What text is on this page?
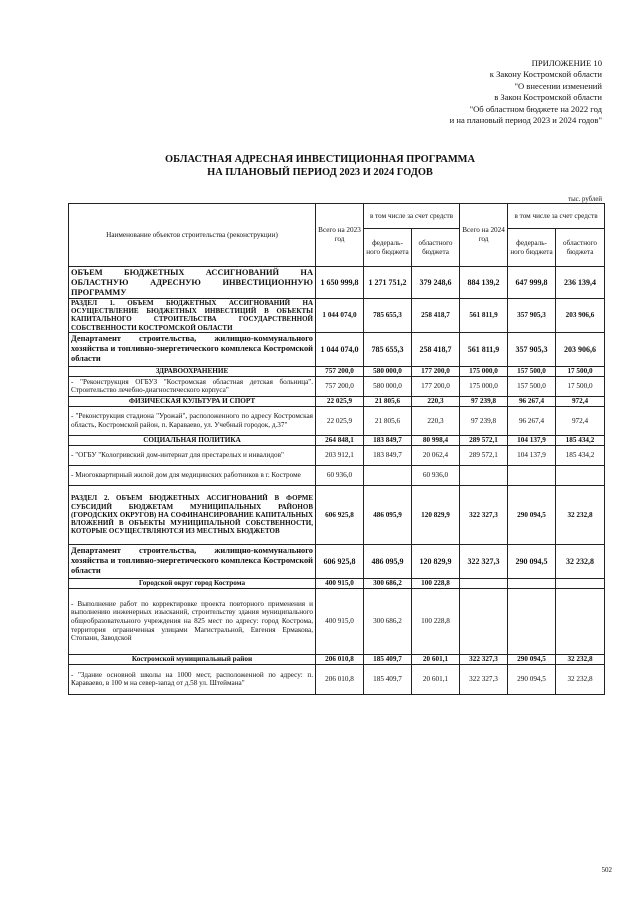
ПРИЛОЖЕНИЕ 10
к Закону Костромской области
"О внесении изменений
в Закон Костромской области
"Об областном бюджете на 2022 год
и на плановый период 2023 и 2024 годов"
ОБЛАСТНАЯ АДРЕСНАЯ ИНВЕСТИЦИОННАЯ ПРОГРАММА
НА ПЛАНОВЫЙ ПЕРИОД 2023 И 2024 ГОДОВ
тыс. рублей
Наименование объектов строительства (реконструкции)	Всего на 2023 год	в том числе за счет средств		Всего на 2024 год	в том числе за счет средств	
		федераль- ного бюджета	областного бюджета		федераль- ного бюджета	областного бюджета
ОБЪЕМ БЮДЖЕТНЫХ АССИГНОВАНИЙ НА ОБЛАСТНУЮ АДРЕСНУЮ ИНВЕСТИЦИОННУЮ ПРОГРАММУ	1 650 999,8	1 271 751,2	379 248,6	884 139,2	647 999,8	236 139,4
РАЗДЕЛ 1. ОБЪЕМ БЮДЖЕТНЫХ АССИГНОВАНИЙ НА ОСУЩЕСТВЛЕНИЕ БЮДЖЕТНЫХ ИНВЕСТИЦИЙ В ОБЪЕКТЫ КАПИТАЛЬНОГО СТРОИТЕЛЬСТВА ГОСУДАРСТВЕННОЙ СОБСТВЕННОСТИ КОСТРОМСКОЙ ОБЛАСТИ	1 044 074,0	785 655,3	258 418,7	561 811,9	357 905,3	203 906,6
Департамент строительства, жилищно-коммунального хозяйства и топливно-энергетического комплекса Костромской области	1 044 074,0	785 655,3	258 418,7	561 811,9	357 905,3	203 906,6
ЗДРАВООХРАНЕНИЕ	757 200,0	580 000,0	177 200,0	175 000,0	157 500,0	17 500,0
- "Реконструкция ОГБУЗ "Костромская областная детская больница". Строительство лечебно-диагностического корпуса"	757 200,0	580 000,0	177 200,0	175 000,0	157 500,0	17 500,0
ФИЗИЧЕСКАЯ КУЛЬТУРА И СПОРТ	22 025,9	21 805,6	220,3	97 239,8	96 267,4	972,4
- "Реконструкция стадиона "Урожай", расположенного по адресу Костромская область, Костромской район, п. Караваево, ул. Учебный городок, д.37"	22 025,9	21 805,6	220,3	97 239,8	96 267,4	972,4
СОЦИАЛЬНАЯ ПОЛИТИКА	264 848,1	183 849,7	80 998,4	289 572,1	104 137,9	185 434,2
- "ОГБУ "Кологривский дом-интернат для престарелых и инвалидов"	203 912,1	183 849,7	20 062,4	289 572,1	104 137,9	185 434,2
- Многоквартирный жилой дом для медицинских работников в г. Костроме	60 936,0		60 936,0			
РАЗДЕЛ 2. ОБЪЕМ БЮДЖЕТНЫХ АССИГНОВАНИЙ В ФОРМЕ СУБСИДИЙ БЮДЖЕТАМ МУНИЦИПАЛЬНЫХ РАЙОНОВ (ГОРОДСКИХ ОКРУГОВ) НА СОФИНАНСИРОВАНИЕ КАПИТАЛЬНЫХ ВЛОЖЕНИЙ В ОБЪЕКТЫ МУНИЦИПАЛЬНОЙ СОБСТВЕННОСТИ, КОТОРЫЕ ОСУЩЕСТВЛЯЮТСЯ ИЗ МЕСТНЫХ БЮДЖЕТОВ	606 925,8	486 095,9	120 829,9	322 327,3	290 094,5	32 232,8
Департамент строительства, жилищно-коммунального хозяйства и топливно-энергетического комплекса Костромской области	606 925,8	486 095,9	120 829,9	322 327,3	290 094,5	32 232,8
Городской округ город Кострома	400 915,0	300 686,2	100 228,8			
- Выполнение работ по корректировке проекта повторного применения и выполнению инженерных изысканий, строительству здания муниципального общеобразовательного учреждения на 825 мест по адресу: город Кострома, территория ограниченная улицами Магистральной, Евгения Ермакова, Стопани, Заводской	400 915,0	300 686,2	100 228,8			
Костромской муниципальный район	206 010,8	185 409,7	20 601,1	322 327,3	290 094,5	32 232,8
- "Здание основной школы на 1000 мест, расположенной по адресу: п. Караваево, в 100 м на север-запад от д.58 ул. Штеймана"	206 010,8	185 409,7	20 601,1	322 327,3	290 094,5	32 232,8
502
